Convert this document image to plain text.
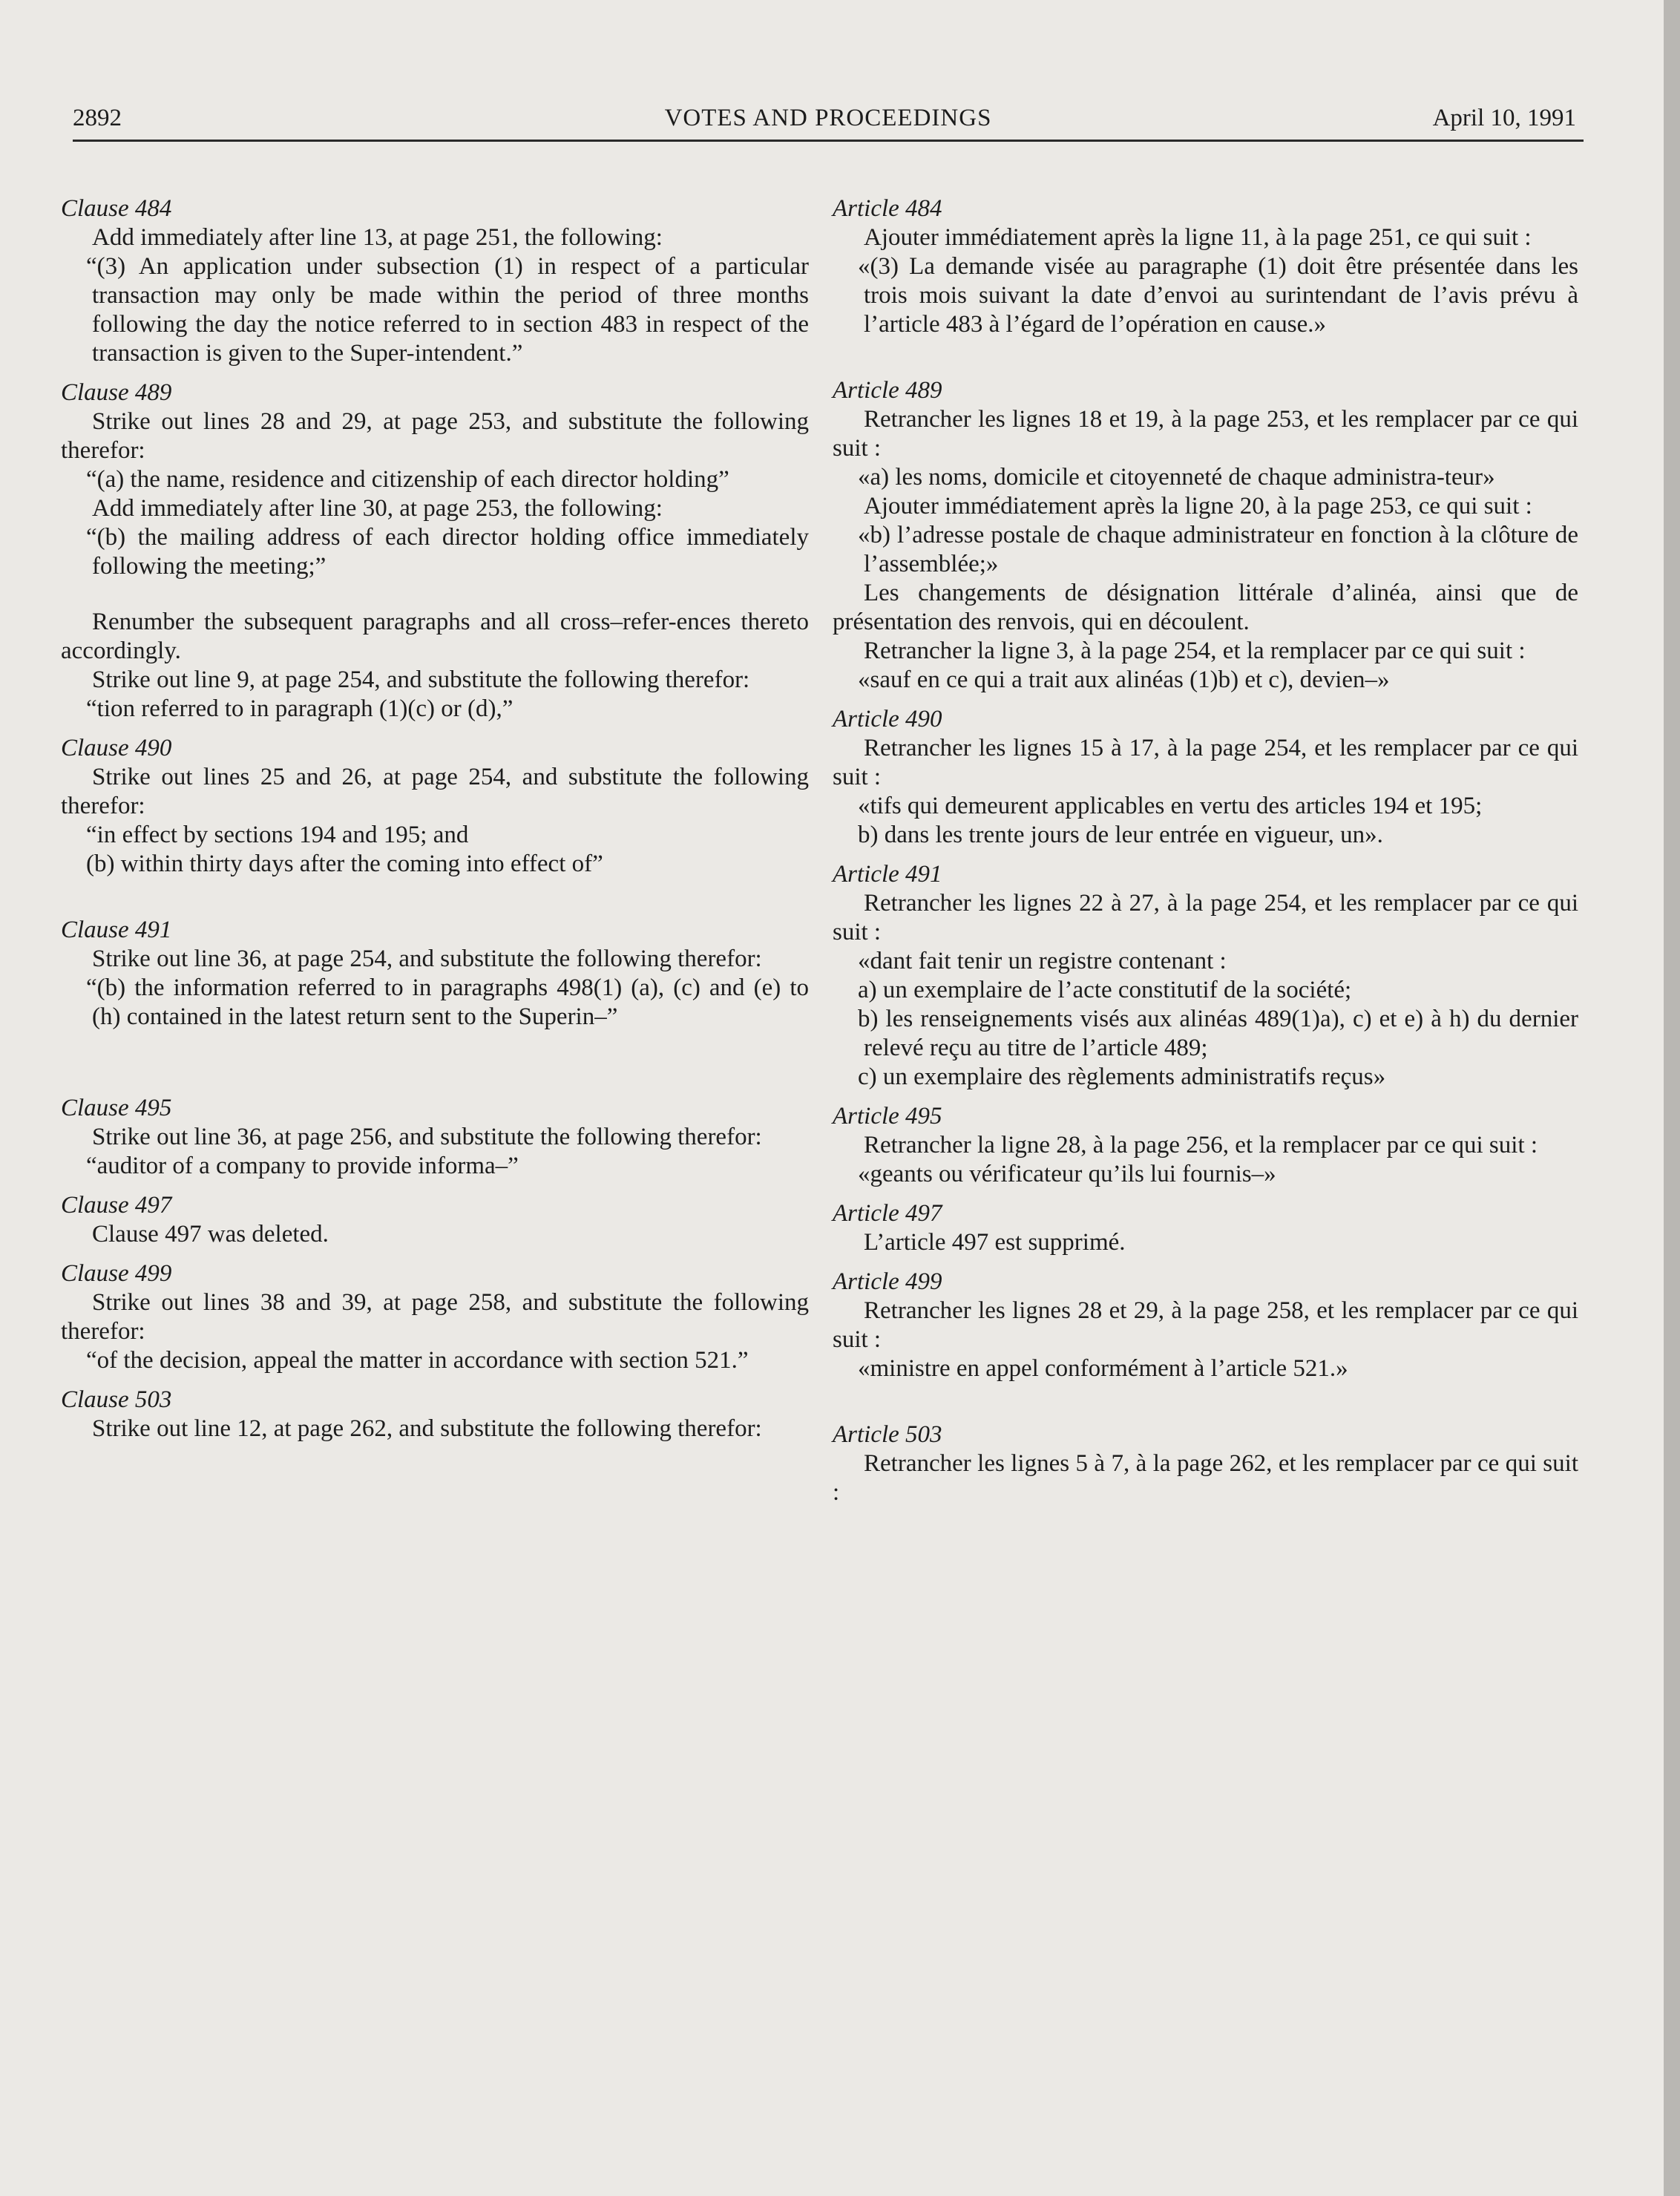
2892	VOTES AND PROCEEDINGS	April 10, 1991

Clause 484

Add immediately after line 13, at page 251, the following:

“(3) An application under subsection (1) in respect of a particular transaction may only be made within the period of three months following the day the notice referred to in section 483 in respect of the transaction is given to the Super-intendent.”

Clause 489

Strike out lines 28 and 29, at page 253, and substitute the following therefor:

“(a) the name, residence and citizenship of each director holding”

Add immediately after line 30, at page 253, the following:

“(b) the mailing address of each director holding office immediately following the meeting;”

Renumber the subsequent paragraphs and all cross–refer-ences thereto accordingly.

Strike out line 9, at page 254, and substitute the following therefor:

“tion referred to in paragraph (1)(c) or (d),”

Clause 490

Strike out lines 25 and 26, at page 254, and substitute the following therefor:

“in effect by sections 194 and 195; and

(b) within thirty days after the coming into effect of”

Clause 491

Strike out line 36, at page 254, and substitute the following therefor:

“(b) the information referred to in paragraphs 498(1) (a), (c) and (e) to (h) contained in the latest return sent to the Superin–”

Clause 495

Strike out line 36, at page 256, and substitute the following therefor:

“auditor of a company to provide informa–”

Clause 497

Clause 497 was deleted.

Clause 499

Strike out lines 38 and 39, at page 258, and substitute the following therefor:

“of the decision, appeal the matter in accordance with section 521.”

Clause 503

Strike out line 12, at page 262, and substitute the following therefor:

Article 484

Ajouter immédiatement après la ligne 11, à la page 251, ce qui suit :

«(3) La demande visée au paragraphe (1) doit être présentée dans les trois mois suivant la date d’envoi au surintendant de l’avis prévu à l’article 483 à l’égard de l’opération en cause.»

Article 489

Retrancher les lignes 18 et 19, à la page 253, et les remplacer par ce qui suit :

«a) les noms, domicile et citoyenneté de chaque administra-teur»

Ajouter immédiatement après la ligne 20, à la page 253, ce qui suit :

«b) l’adresse postale de chaque administrateur en fonction à la clôture de l’assemblée;»

Les changements de désignation littérale d’alinéa, ainsi que de présentation des renvois, qui en découlent.

Retrancher la ligne 3, à la page 254, et la remplacer par ce qui suit :

«sauf en ce qui a trait aux alinéas (1)b) et c), devien–»

Article 490

Retrancher les lignes 15 à 17, à la page 254, et les remplacer par ce qui suit :

«tifs qui demeurent applicables en vertu des articles 194 et 195;

b) dans les trente jours de leur entrée en vigueur, un».

Article 491

Retrancher les lignes 22 à 27, à la page 254, et les remplacer par ce qui suit :

«dant fait tenir un registre contenant :

a) un exemplaire de l’acte constitutif de la société;

b) les renseignements visés aux alinéas 489(1)a), c) et e) à h) du dernier relevé reçu au titre de l’article 489;

c) un exemplaire des règlements administratifs reçus»

Article 495

Retrancher la ligne 28, à la page 256, et la remplacer par ce qui suit :

«geants ou vérificateur qu’ils lui fournis–»

Article 497

L’article 497 est supprimé.

Article 499

Retrancher les lignes 28 et 29, à la page 258, et les remplacer par ce qui suit :

«ministre en appel conformément à l’article 521.»

Article 503

Retrancher les lignes 5 à 7, à la page 262, et les remplacer par ce qui suit :
